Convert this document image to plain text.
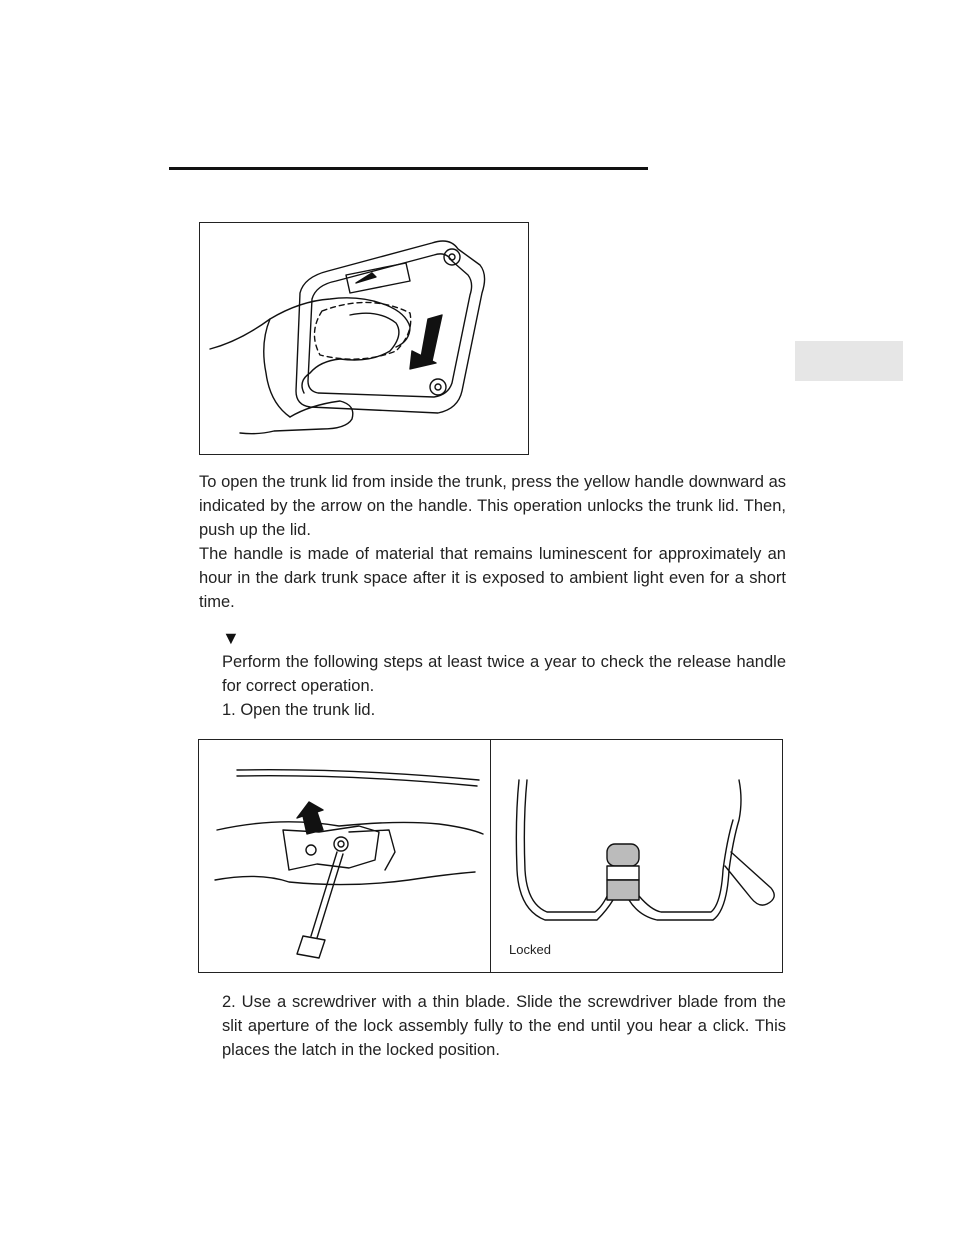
To open the trunk lid from inside the trunk, press the yellow handle downward as indicated by the arrow on the handle. This operation unlocks the trunk lid. Then, push up the lid.

The handle is made of material that remains luminescent for approximately an hour in the dark trunk space after it is exposed to ambient light even for a short time.

▼

Perform the following steps at least twice a year to check the release handle for correct operation.

1. Open the trunk lid.

Locked

2. Use a screwdriver with a thin blade. Slide the screwdriver blade from the slit aperture of the lock assembly fully to the end until you hear a click. This places the latch in the locked position.
